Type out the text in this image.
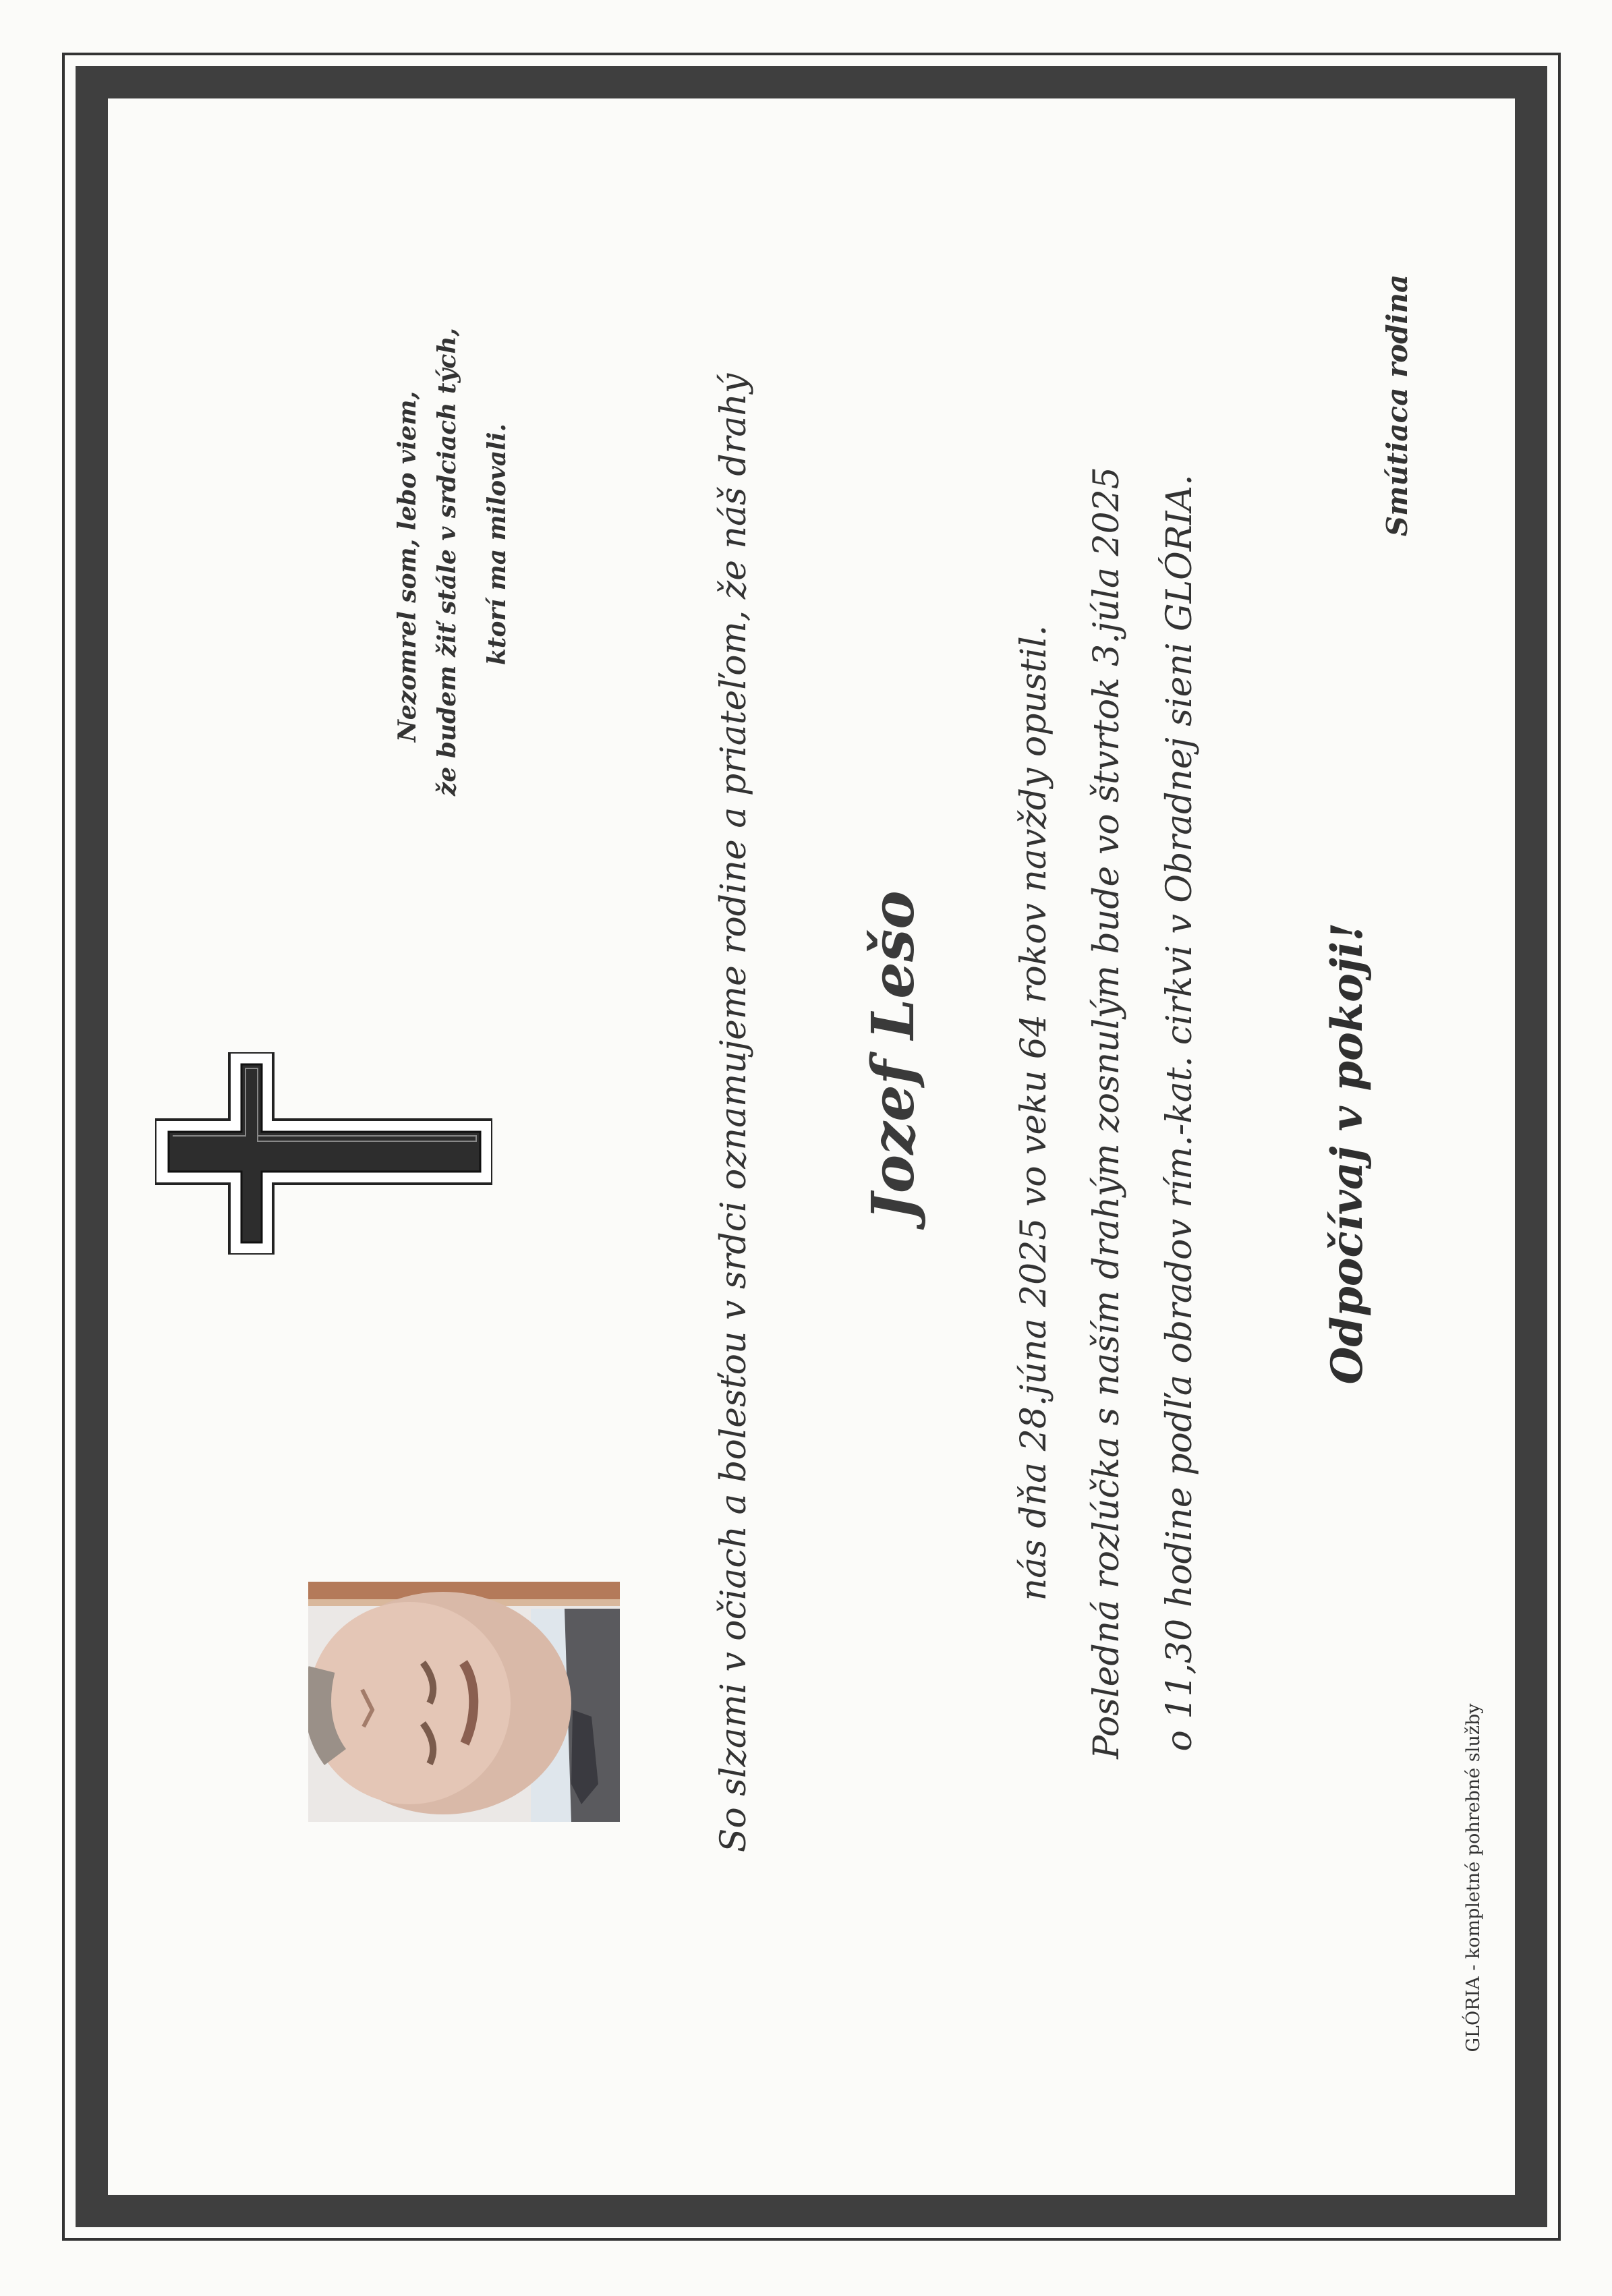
Nezomrel som, lebo viem, že budem žiť stále v srdciach tých, ktorí ma milovali.	So slzami v očiach a bolesťou v srdci oznamujeme rodine a priateľom, že náš drahý Jozef Lešo nás dňa 28.júna 2025 vo veku 64 rokov navždy opustil. Posledná rozlúčka s naším drahým zosnulým bude vo štvrtok 3.júla 2025 o 11,30 hodine podľa obradov rím.-kat. cirkvi v Obradnej sieni GLÓRIA.	Odpočívaj v pokoji!
Smútiaca rodina
GLÓRIA - kompletné pohrebné služby
